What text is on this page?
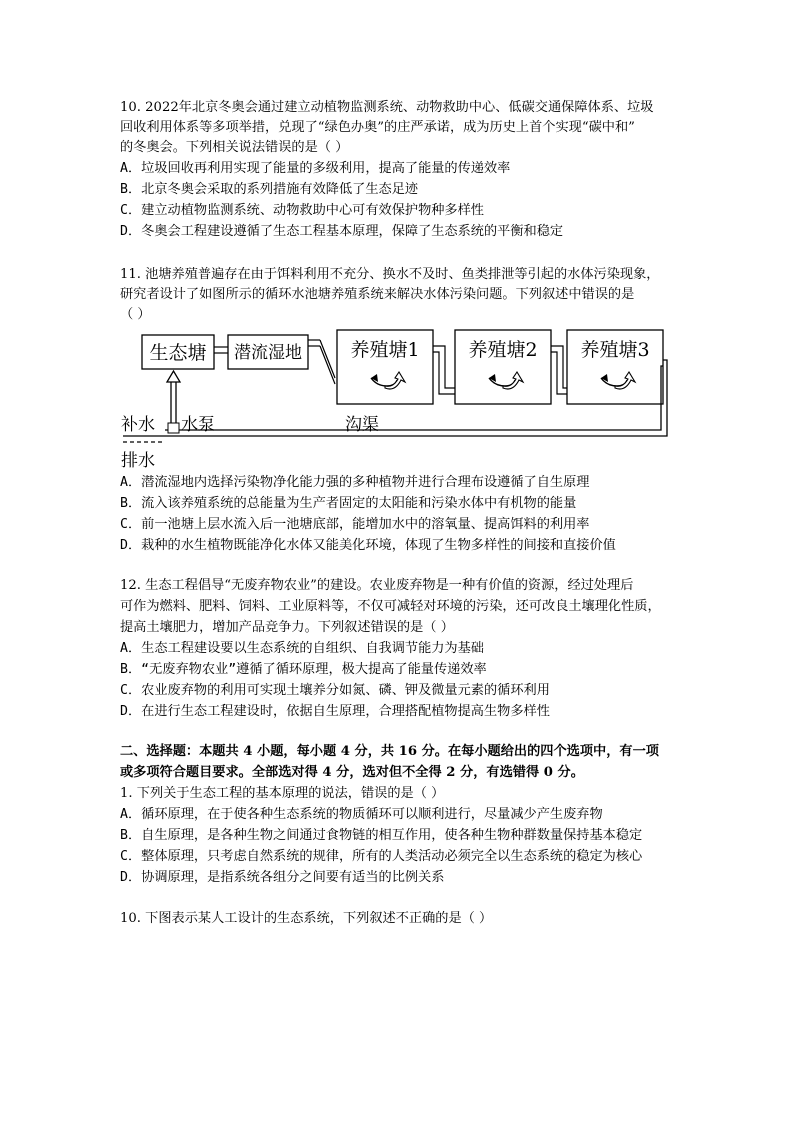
10. 2022年北京冬奥会通过建立动植物监测系统、动物救助中心、低碳交通保障体系、垃圾
回收利用体系等多项举措，兑现了“绿色办奥”的庄严承诺，成为历史上首个实现“碳中和”
的冬奥会。下列相关说法错误的是（ ）
A．垃圾回收再利用实现了能量的多级利用，提高了能量的传递效率
B．北京冬奥会采取的系列措施有效降低了生态足迹
C．建立动植物监测系统、动物救助中心可有效保护物种多样性
D．冬奥会工程建设遵循了生态工程基本原理，保障了生态系统的平衡和稳定
11. 池塘养殖普遍存在由于饵料利用不充分、换水不及时、鱼类排泄等引起的水体污染现象，
研究者设计了如图所示的循环水池塘养殖系统来解决水体污染问题。下列叙述中错误的是
（ ）
生态塘 潜流湿地	养殖塘1	养殖塘2 养殖塘3
补水 水泵	沟渠
排水
A．潜流湿地内选择污染物净化能力强的多种植物并进行合理布设遵循了自生原理
B．流入该养殖系统的总能量为生产者固定的太阳能和污染水体中有机物的能量
C．前一池塘上层水流入后一池塘底部，能增加水中的溶氧量、提高饵料的利用率
D．栽种的水生植物既能净化水体又能美化环境，体现了生物多样性的间接和直接价值
12. 生态工程倡导“无废弃物农业”的建设。农业废弃物是一种有价值的资源，经过处理后
可作为燃料、肥料、饲料、工业原料等，不仅可减轻对环境的污染，还可改良土壤理化性质，
提高土壤肥力，增加产品竞争力。下列叙述错误的是（ ）
A．生态工程建设要以生态系统的自组织、自我调节能力为基础
B．“无废弃物农业”遵循了循环原理，极大提高了能量传递效率
C．农业废弃物的利用可实现土壤养分如氮、磷、钾及微量元素的循环利用
D．在进行生态工程建设时，依据自生原理，合理搭配植物提高生物多样性
二、选择题：本题共 4 小题，每小题 4 分，共 16 分。在每小题给出的四个选项中，有一项
或多项符合题目要求。全部选对得 4 分，选对但不全得 2 分，有选错得 0 分。
1. 下列关于生态工程的基本原理的说法，错误的是（ ）
A．循环原理，在于使各种生态系统的物质循环可以顺利进行，尽量减少产生废弃物
B．自生原理，是各种生物之间通过食物链的相互作用，使各种生物种群数量保持基本稳定
C．整体原理，只考虑自然系统的规律，所有的人类活动必须完全以生态系统的稳定为核心
D．协调原理，是指系统各组分之间要有适当的比例关系
10. 下图表示某人工设计的生态系统，下列叙述不正确的是（ ）
